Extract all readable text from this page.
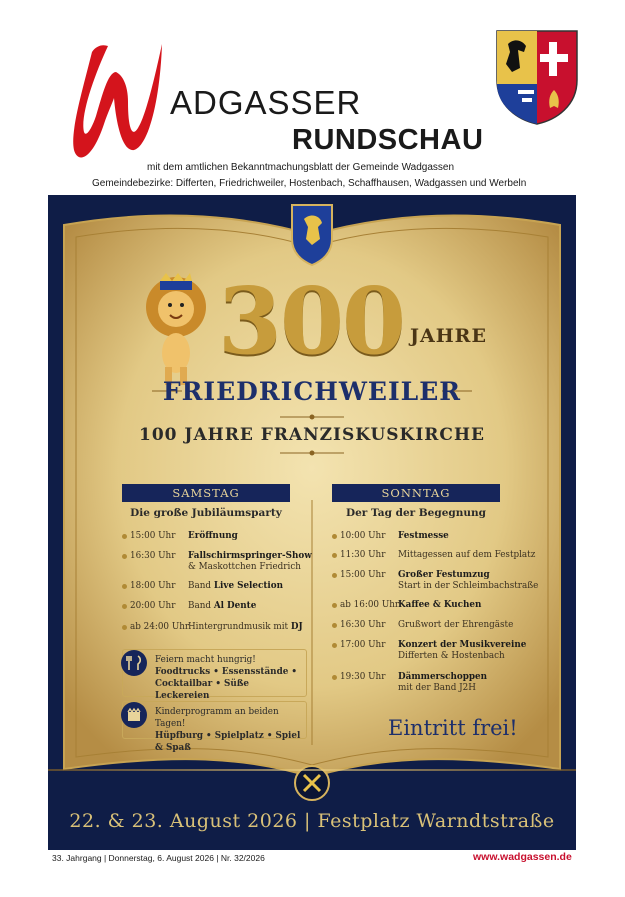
ADGASSER
RUNDSCHAU
mit dem amtlichen Bekanntmachungsblatt der Gemeinde Wadgassen
Gemeindebezirke: Differten, Friedrichweiler, Hostenbach, Schaffhausen, Wadgassen und Werbeln
300 JAHRE
FRIEDRICHWEILER
100 JAHRE FRANZISKUSKIRCHE
SAMSTAG	SONNTAG
Die große Jubiläumsparty	Der Tag der Begegnung
15:00 Uhr Eröffnung
16:30 Uhr Fallschirmspringer-Show
& Maskottchen Friedrich
18:00 Uhr Band Live Selection
20:00 Uhr Band Al Dente
ab 24:00 Uhr
Hintergrundmusik mit DJ
10:00 Uhr Festmesse
11:30 Uhr Mittagessen auf dem Festplatz
15:00 Uhr Großer Festumzug
Start in der Schleimbachstraße
ab 16:00 Uhr
Kaffee & Kuchen
16:30 Uhr Grußwort der Ehrengäste
17:00 Uhr Konzert der Musikvereine
Differten & Hostenbach
19:30 Uhr Dämmerschoppen
mit der Band J2H
Feiern macht hungrig!
Foodtrucks • Essensstände •
Cocktailbar • Süße Leckereien
Kinderprogramm an beiden Tagen!
Hüpfburg • Spielplatz • Spiel & Spaß
Eintritt frei!
22. & 23. August 2026 | Festplatz Warndtstraße
33. Jahrgang | Donnerstag, 6. August 2026 | Nr. 32/2026	www.wadgassen.de
